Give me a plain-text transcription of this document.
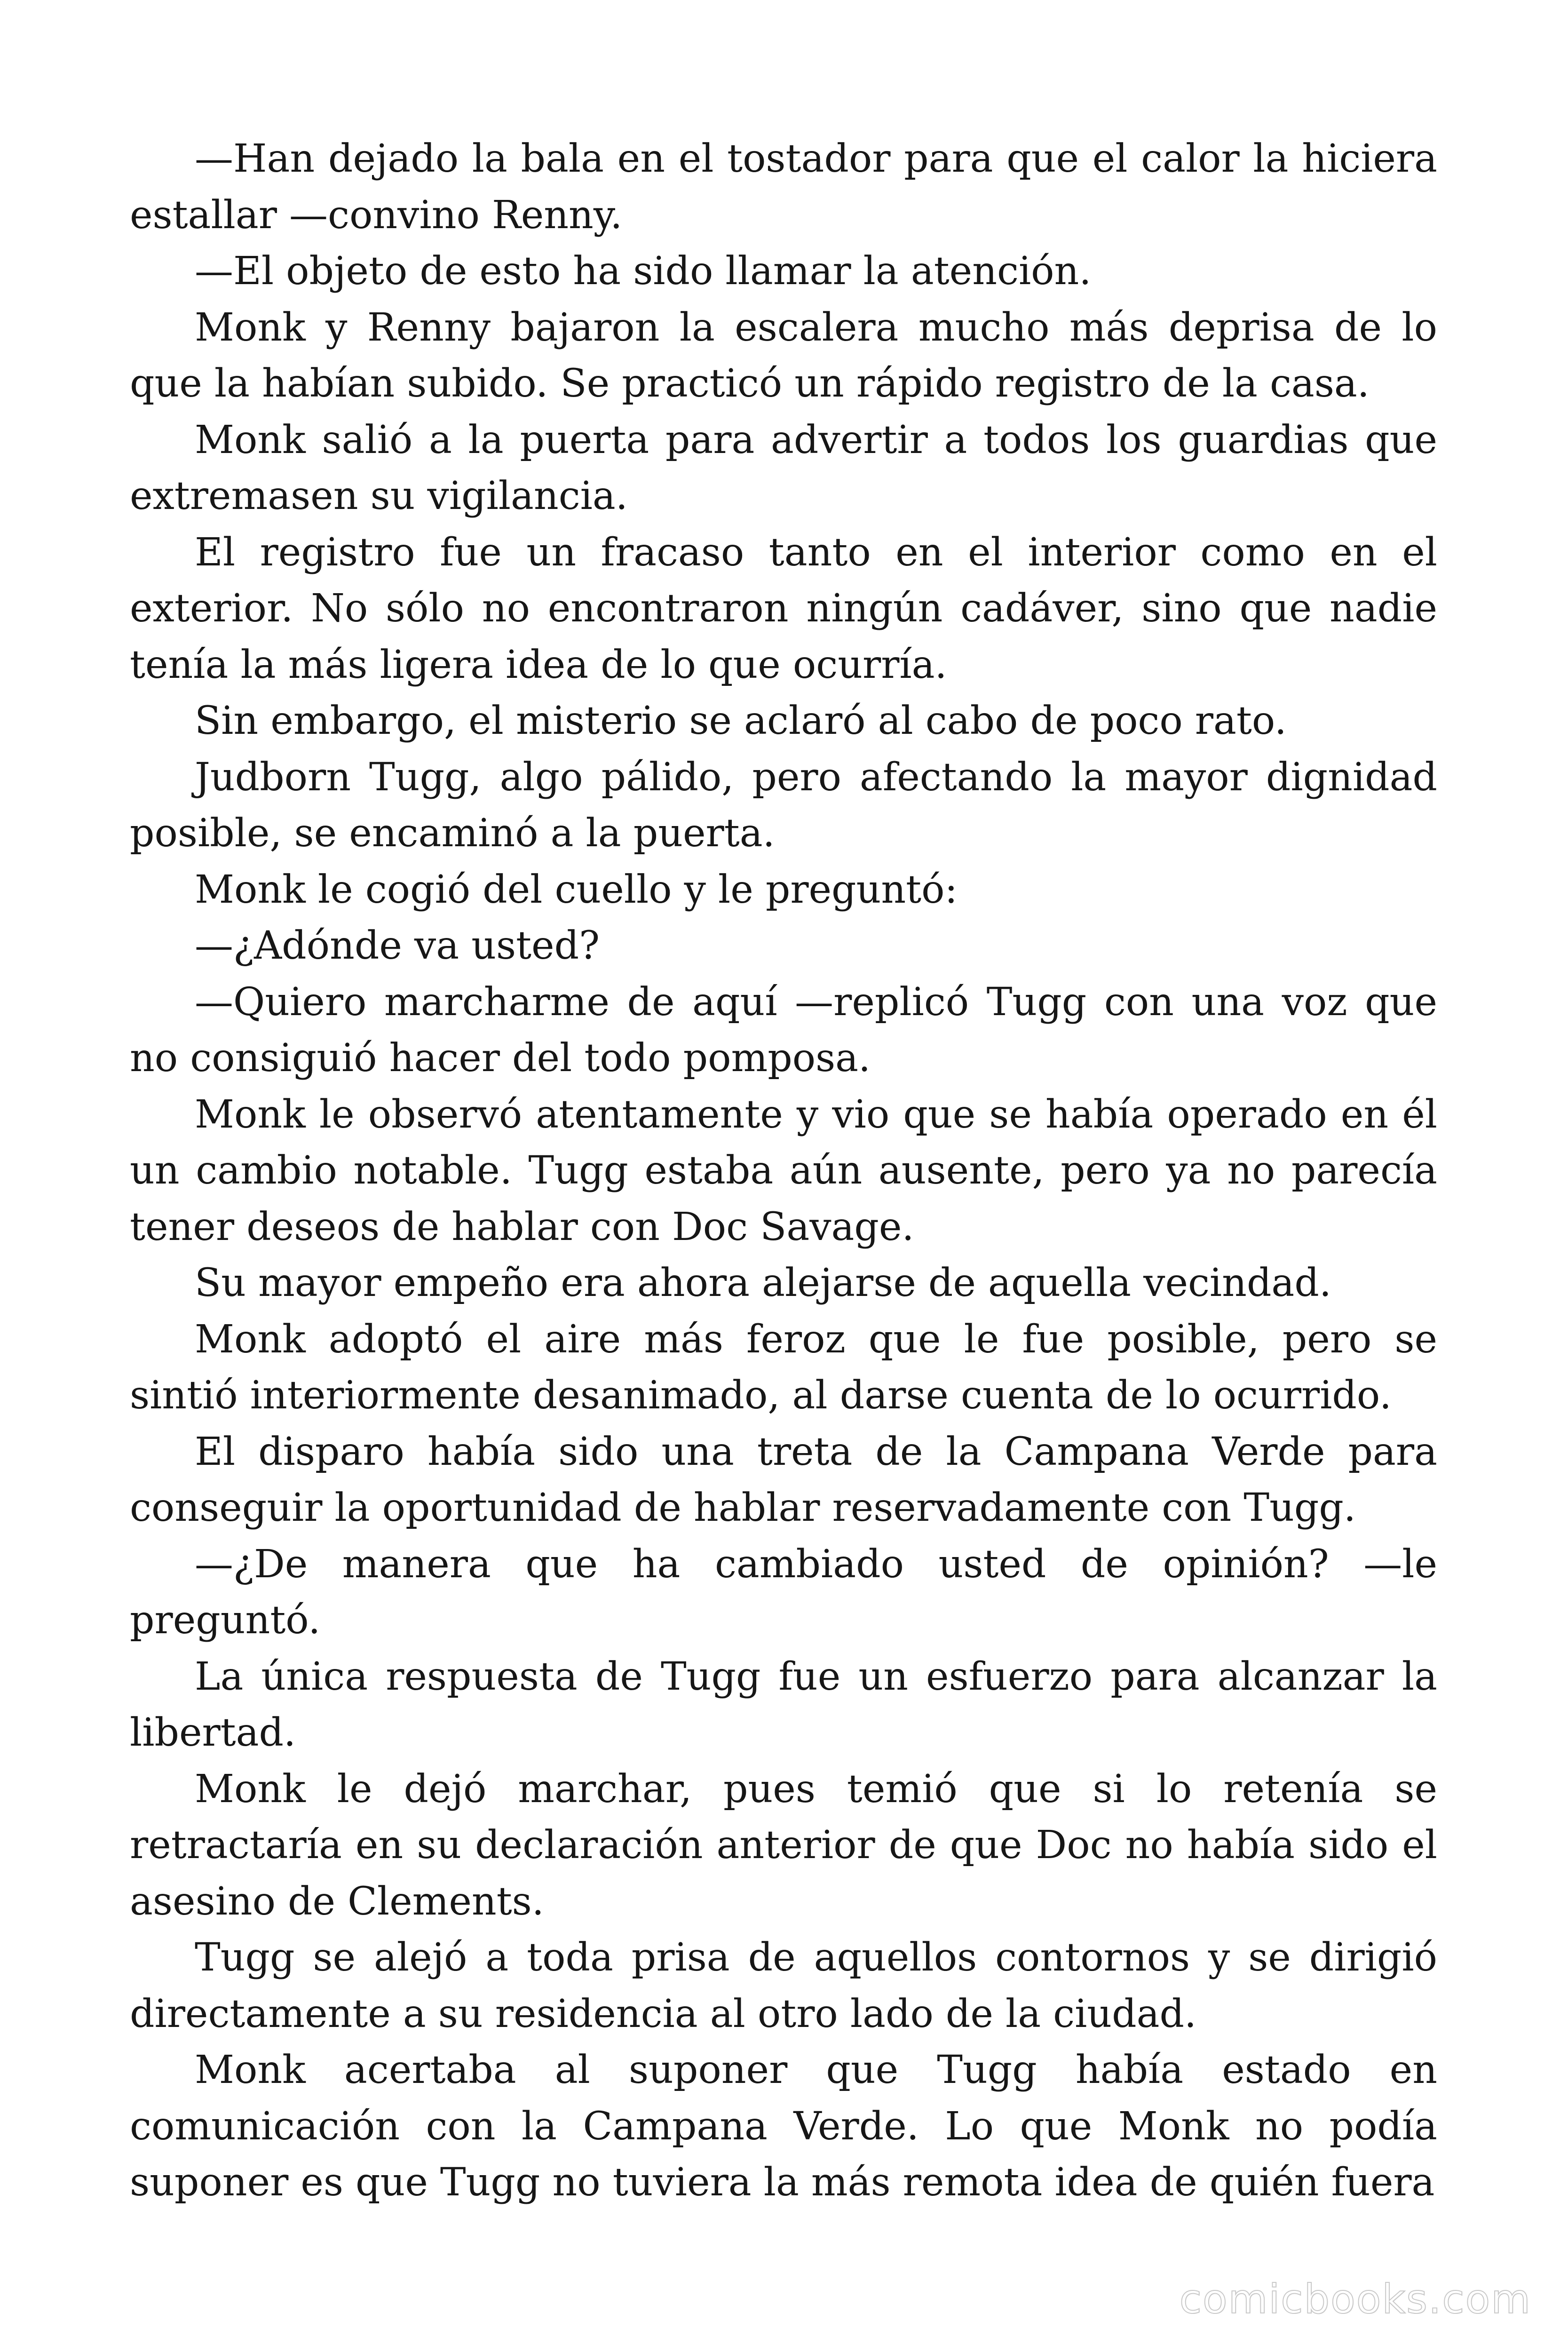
—Han dejado la bala en el tostador para que el calor la hiciera estallar —convino Renny.

—El objeto de esto ha sido llamar la atención.

Monk y Renny bajaron la escalera mucho más deprisa de lo que la habían subido. Se practicó un rápido registro de la casa.

Monk salió a la puerta para advertir a todos los guardias que extremasen su vigilancia.

El registro fue un fracaso tanto en el interior como en el exterior. No sólo no encontraron ningún cadáver, sino que nadie tenía la más ligera idea de lo que ocurría.

Sin embargo, el misterio se aclaró al cabo de poco rato.

Judborn Tugg, algo pálido, pero afectando la mayor dignidad posible, se encaminó a la puerta.

Monk le cogió del cuello y le preguntó:

—¿Adónde va usted?

—Quiero marcharme de aquí —replicó Tugg con una voz que no consiguió hacer del todo pomposa.

Monk le observó atentamente y vio que se había operado en él un cambio notable. Tugg estaba aún ausente, pero ya no parecía tener deseos de hablar con Doc Savage.

Su mayor empeño era ahora alejarse de aquella vecindad.

Monk adoptó el aire más feroz que le fue posible, pero se sintió interiormente desanimado, al darse cuenta de lo ocurrido.

El disparo había sido una treta de la Campana Verde para conseguir la oportunidad de hablar reservadamente con Tugg.

—¿De manera que ha cambiado usted de opinión? —le preguntó.

La única respuesta de Tugg fue un esfuerzo para alcanzar la libertad.

Monk le dejó marchar, pues temió que si lo retenía se retractaría en su declaración anterior de que Doc no había sido el asesino de Clements.

Tugg se alejó a toda prisa de aquellos contornos y se dirigió directamente a su residencia al otro lado de la ciudad.

Monk acertaba al suponer que Tugg había estado en comunicación con la Campana Verde. Lo que Monk no podía suponer es que Tugg no tuviera la más remota idea de quién fuera

comicbooks.com
